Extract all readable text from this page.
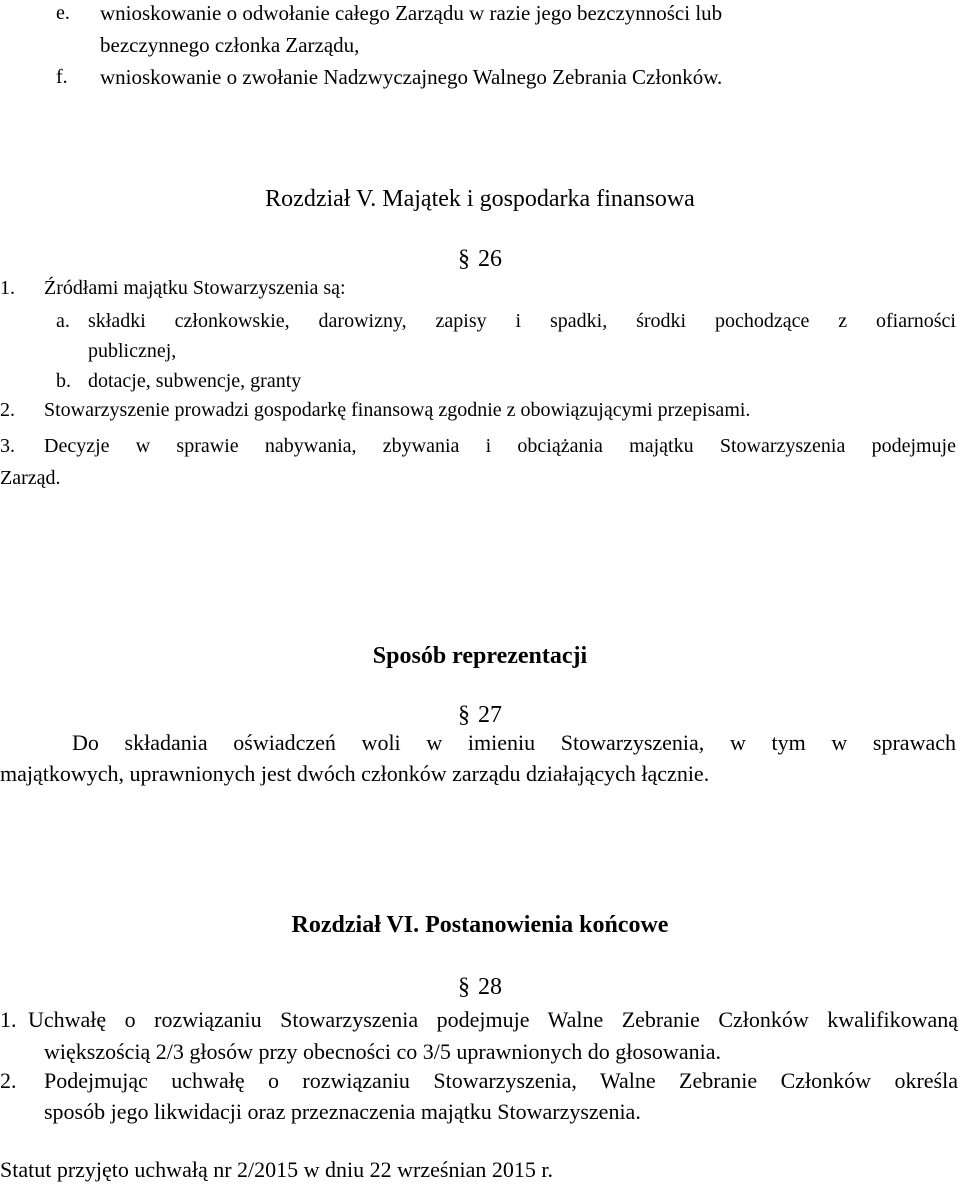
e. wnioskowanie o odwołanie całego Zarządu w razie jego bezczynności lub
bezczynnego członka Zarządu,
f. wnioskowanie o zwołanie Nadzwyczajnego Walnego Zebrania Członków.
Rozdział V. Majątek i gospodarka finansowa
§ 26
1. Źródłami majątku Stowarzyszenia są:
a. składki członkowskie, darowizny, zapisy i spadki, środki pochodzące z ofiarności
publicznej,
b. dotacje, subwencje, granty
2. Stowarzyszenie prowadzi gospodarkę finansową zgodnie z obowiązującymi przepisami.
3. Decyzje w sprawie nabywania, zbywania i obciążania majątku Stowarzyszenia podejmuje
Zarząd.
Sposób reprezentacji
§ 27
Do składania oświadczeń woli w imieniu Stowarzyszenia, w tym w sprawach
majątkowych, uprawnionych jest dwóch członków zarządu działających łącznie.
Rozdział VI. Postanowienia końcowe
§ 28
1. Uchwałę o rozwiązaniu Stowarzyszenia podejmuje Walne Zebranie Członków kwalifikowaną
większością 2/3 głosów przy obecności co 3/5 uprawnionych do głosowania.
2. Podejmując uchwałę o rozwiązaniu Stowarzyszenia, Walne Zebranie Członków określa
sposób jego likwidacji oraz przeznaczenia majątku Stowarzyszenia.
Statut przyjęto uchwałą nr 2/2015 w dniu 22 wrześnian 2015 r.
